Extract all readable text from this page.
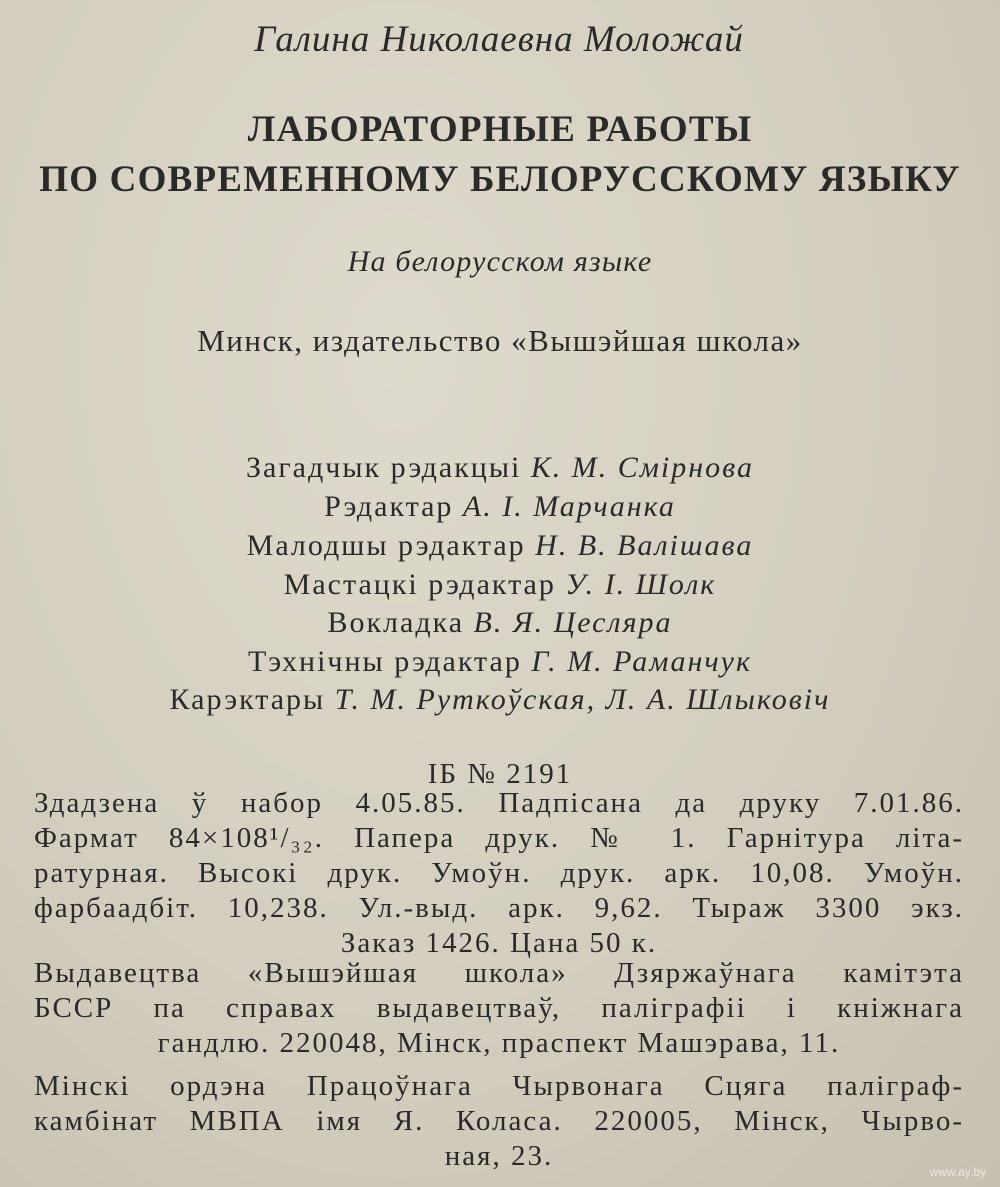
Галина Николаевна Моложай
ЛАБОРАТОРНЫЕ РАБОТЫ
ПО СОВРЕМЕННОМУ БЕЛОРУССКОМУ ЯЗЫКУ
На белорусском языке
Минск, издательство «Вышэйшая школа»
Загадчык рэдакцыі К. М. Смірнова
Рэдактар А. І. Марчанка
Малодшы рэдактар Н. В. Валішава
Мастацкі рэдактар У. І. Шолк
Вокладка В. Я. Цесляра
Тэхнічны рэдактар Г. М. Раманчук
Карэктары Т. М. Руткоўская, Л. А. Шлыковіч
ІБ № 2191
Здадзена ў набор 4.05.85. Падпісана да друку 7.01.86.
Фармат 84×108¹/₃₂. Папера друк. № 1. Гарнітура літа-
ратурная. Высокі друк. Умоўн. друк. арк. 10,08. Умоўн.
фарбаадбіт. 10,238. Ул.-выд. арк. 9,62. Тыраж 3300 экз.
Заказ 1426. Цана 50 к.
Выдавецтва «Вышэйшая школа» Дзяржаўнага камітэта
БССР па справах выдавецтваў, паліграфіі і кніжнага
гандлю. 220048, Мінск, праспект Машэрава, 11.
Мінскі ордэна Працоўнага Чырвонага Сцяга паліграф-
камбінат МВПА імя Я. Коласа. 220005, Мінск, Чырво-
ная, 23.	www.ay.by
